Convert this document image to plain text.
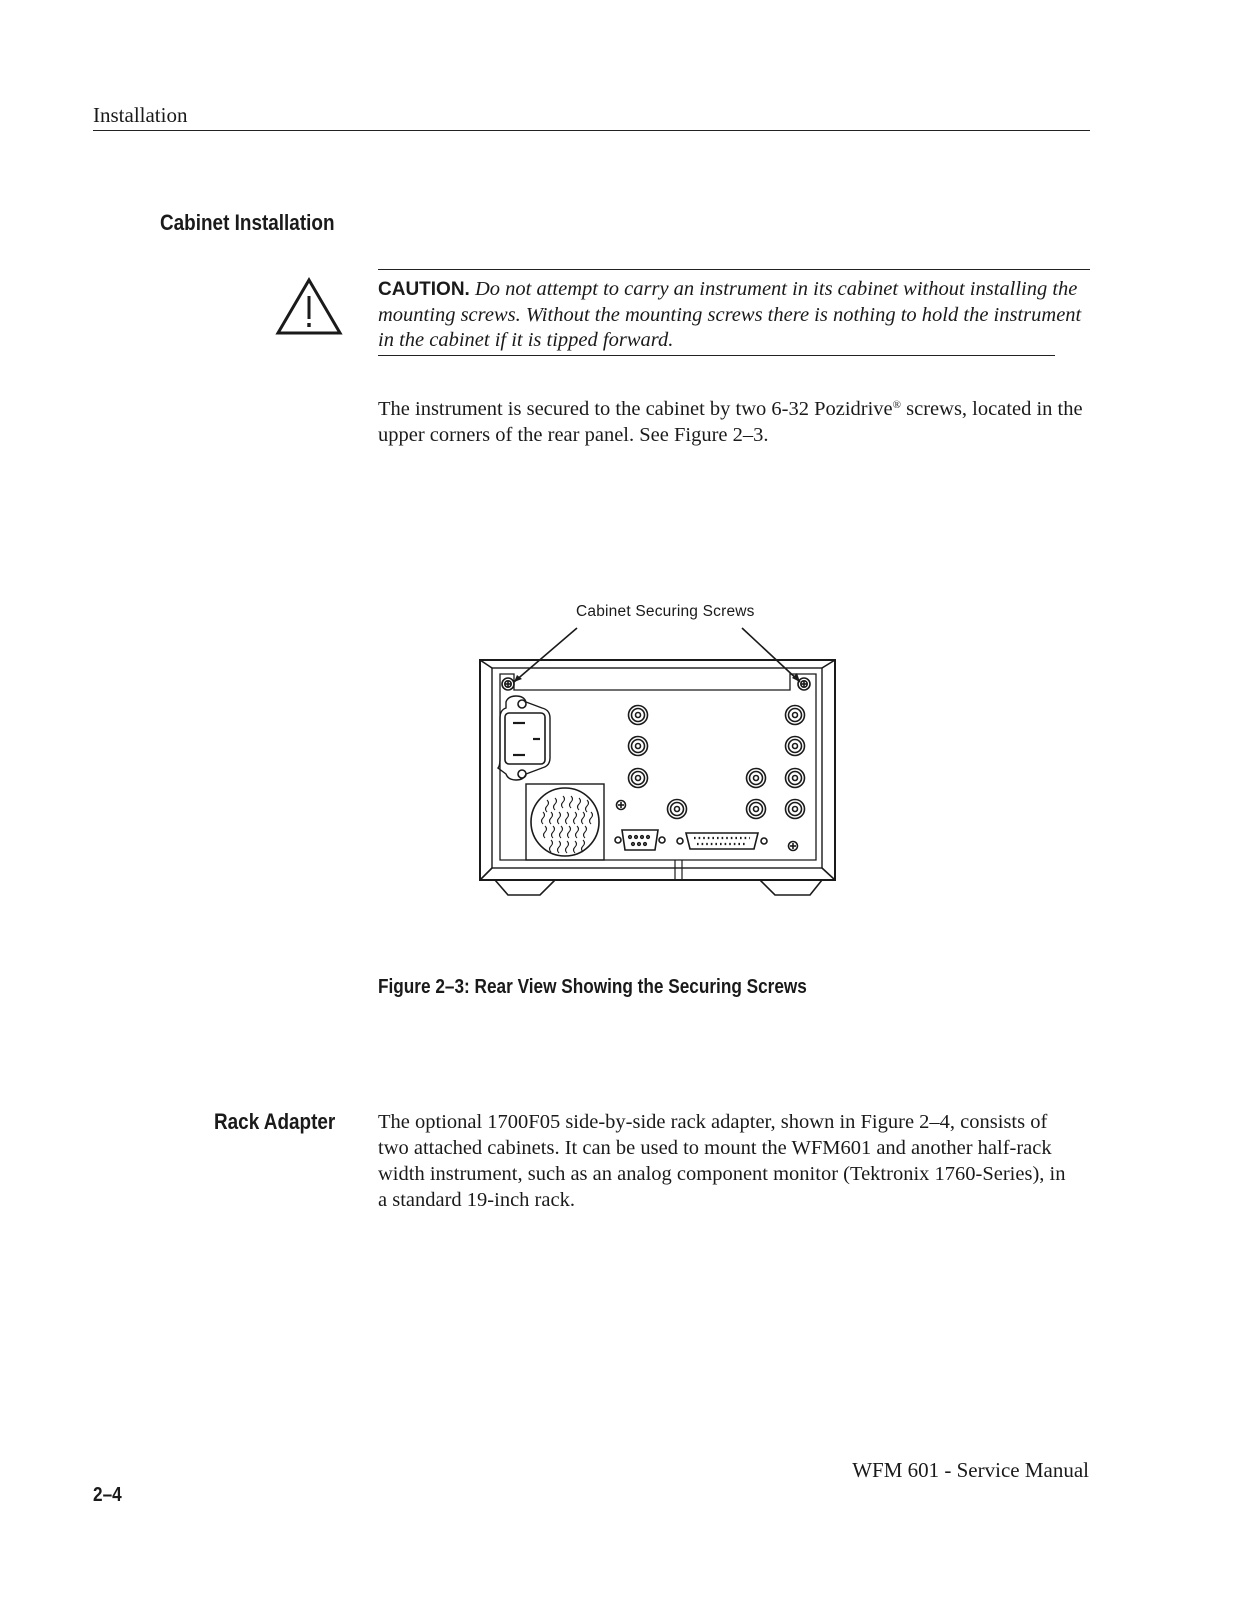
Installation
Cabinet Installation
CAUTION. Do not attempt to carry an instrument in its cabinet without installing the mounting screws. Without the mounting screws there is nothing to hold the instrument in the cabinet if it is tipped forward.
The instrument is secured to the cabinet by two 6-32 Pozidrive® screws, located in the upper corners of the rear panel. See Figure 2–3.
Cabinet Securing Screws
Figure 2–3: Rear View Showing the Securing Screws
Rack Adapter	The optional 1700F05 side-by-side rack adapter, shown in Figure 2–4, consists of two attached cabinets. It can be used to mount the WFM601 and another half-rack width instrument, such as an analog component monitor (Tektronix 1760-Series), in a standard 19-inch rack.
WFM 601 - Service Manual
2–4
